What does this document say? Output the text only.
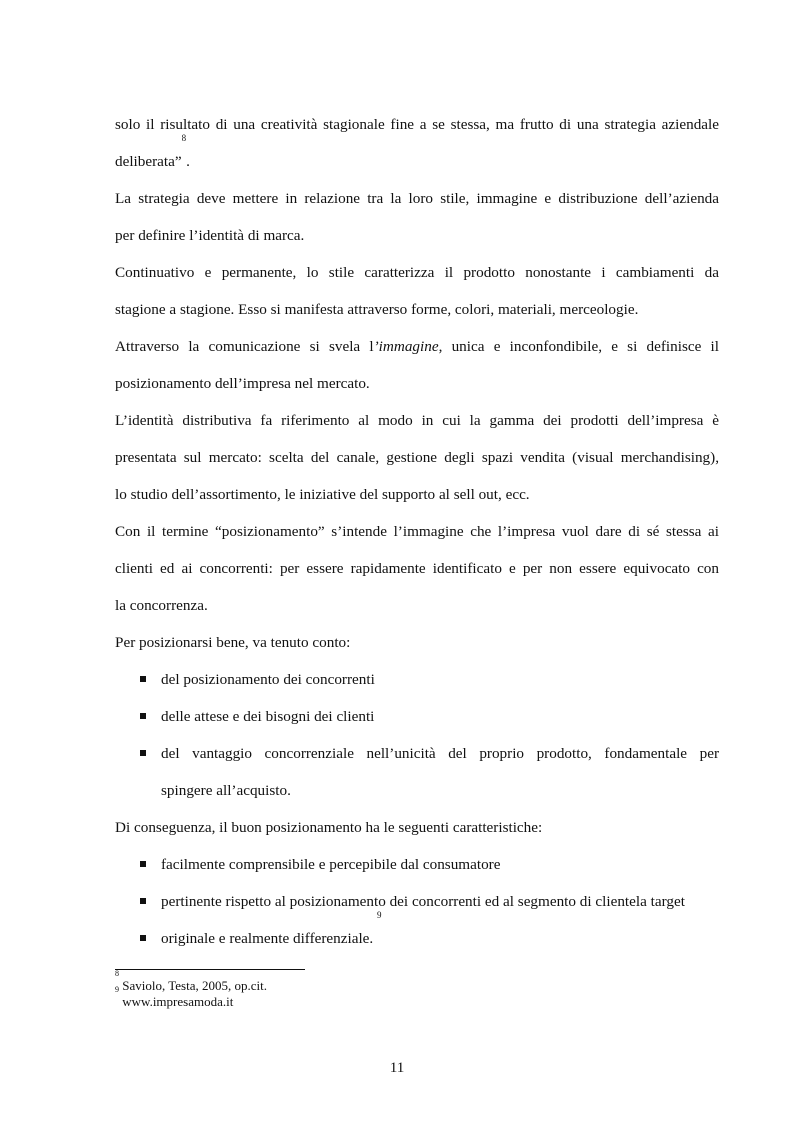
solo il risultato di una creatività stagionale fine a se stessa, ma frutto di una strategia aziendale
deliberata”$^8$.
La strategia deve mettere in relazione tra la loro stile, immagine e distribuzione dell’azienda
per definire l’identità di marca.
Continuativo e permanente, lo stile caratterizza il prodotto nonostante i cambiamenti da
stagione a stagione. Esso si manifesta attraverso forme, colori, materiali, merceologie.
Attraverso la comunicazione si svela l’immagine, unica e inconfondibile, e si definisce il
posizionamento dell’impresa nel mercato.
L’identità distributiva fa riferimento al modo in cui la gamma dei prodotti dell’impresa è
presentata sul mercato: scelta del canale, gestione degli spazi vendita (visual merchandising),
lo studio dell’assortimento, le iniziative del supporto al sell out, ecc.
Con il termine “posizionamento” s’intende l’immagine che l’impresa vuol dare di sé stessa ai
clienti ed ai concorrenti: per essere rapidamente identificato e per non essere equivocato con
la concorrenza.
Per posizionarsi bene, va tenuto conto:
del posizionamento dei concorrenti
delle attese e dei bisogni dei clienti
del vantaggio concorrenziale nell’unicità del proprio prodotto, fondamentale per
spingere all’acquisto.
Di conseguenza, il buon posizionamento ha le seguenti caratteristiche:
facilmente comprensibile e percepibile dal consumatore
pertinente rispetto al posizionamento dei concorrenti ed al segmento di clientela target
originale e realmente differenziale. $^9$
$^8$ Saviolo, Testa, 2005, op.cit.
$^9$ www.impresamoda.it
11
